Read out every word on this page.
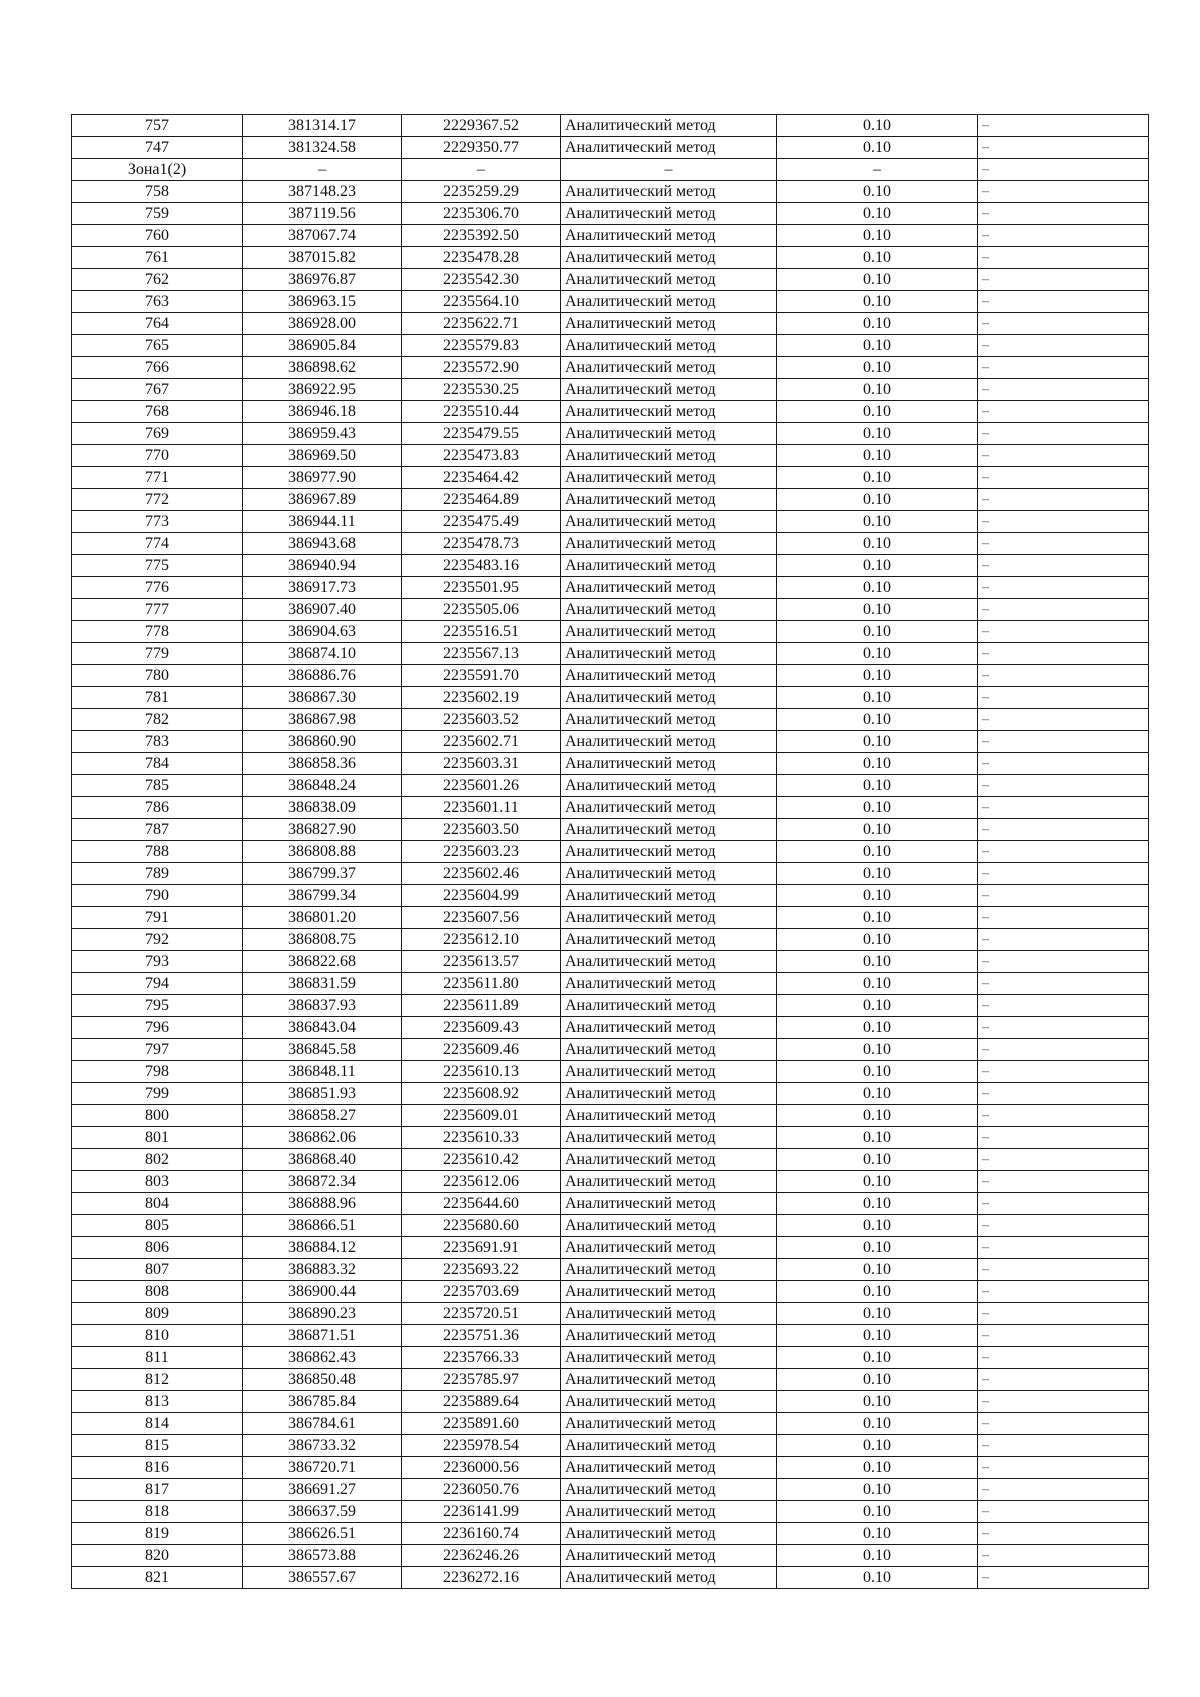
757	381314.17	2229367.52	Аналитический метод	0.10	–
747	381324.58	2229350.77	Аналитический метод	0.10	–
Зона1(2)	–	–	–	–	–
758	387148.23	2235259.29	Аналитический метод	0.10	–
759	387119.56	2235306.70	Аналитический метод	0.10	–
760	387067.74	2235392.50	Аналитический метод	0.10	–
761	387015.82	2235478.28	Аналитический метод	0.10	–
762	386976.87	2235542.30	Аналитический метод	0.10	–
763	386963.15	2235564.10	Аналитический метод	0.10	–
764	386928.00	2235622.71	Аналитический метод	0.10	–
765	386905.84	2235579.83	Аналитический метод	0.10	–
766	386898.62	2235572.90	Аналитический метод	0.10	–
767	386922.95	2235530.25	Аналитический метод	0.10	–
768	386946.18	2235510.44	Аналитический метод	0.10	–
769	386959.43	2235479.55	Аналитический метод	0.10	–
770	386969.50	2235473.83	Аналитический метод	0.10	–
771	386977.90	2235464.42	Аналитический метод	0.10	–
772	386967.89	2235464.89	Аналитический метод	0.10	–
773	386944.11	2235475.49	Аналитический метод	0.10	–
774	386943.68	2235478.73	Аналитический метод	0.10	–
775	386940.94	2235483.16	Аналитический метод	0.10	–
776	386917.73	2235501.95	Аналитический метод	0.10	–
777	386907.40	2235505.06	Аналитический метод	0.10	–
778	386904.63	2235516.51	Аналитический метод	0.10	–
779	386874.10	2235567.13	Аналитический метод	0.10	–
780	386886.76	2235591.70	Аналитический метод	0.10	–
781	386867.30	2235602.19	Аналитический метод	0.10	–
782	386867.98	2235603.52	Аналитический метод	0.10	–
783	386860.90	2235602.71	Аналитический метод	0.10	–
784	386858.36	2235603.31	Аналитический метод	0.10	–
785	386848.24	2235601.26	Аналитический метод	0.10	–
786	386838.09	2235601.11	Аналитический метод	0.10	–
787	386827.90	2235603.50	Аналитический метод	0.10	–
788	386808.88	2235603.23	Аналитический метод	0.10	–
789	386799.37	2235602.46	Аналитический метод	0.10	–
790	386799.34	2235604.99	Аналитический метод	0.10	–
791	386801.20	2235607.56	Аналитический метод	0.10	–
792	386808.75	2235612.10	Аналитический метод	0.10	–
793	386822.68	2235613.57	Аналитический метод	0.10	–
794	386831.59	2235611.80	Аналитический метод	0.10	–
795	386837.93	2235611.89	Аналитический метод	0.10	–
796	386843.04	2235609.43	Аналитический метод	0.10	–
797	386845.58	2235609.46	Аналитический метод	0.10	–
798	386848.11	2235610.13	Аналитический метод	0.10	–
799	386851.93	2235608.92	Аналитический метод	0.10	–
800	386858.27	2235609.01	Аналитический метод	0.10	–
801	386862.06	2235610.33	Аналитический метод	0.10	–
802	386868.40	2235610.42	Аналитический метод	0.10	–
803	386872.34	2235612.06	Аналитический метод	0.10	–
804	386888.96	2235644.60	Аналитический метод	0.10	–
805	386866.51	2235680.60	Аналитический метод	0.10	–
806	386884.12	2235691.91	Аналитический метод	0.10	–
807	386883.32	2235693.22	Аналитический метод	0.10	–
808	386900.44	2235703.69	Аналитический метод	0.10	–
809	386890.23	2235720.51	Аналитический метод	0.10	–
810	386871.51	2235751.36	Аналитический метод	0.10	–
811	386862.43	2235766.33	Аналитический метод	0.10	–
812	386850.48	2235785.97	Аналитический метод	0.10	–
813	386785.84	2235889.64	Аналитический метод	0.10	–
814	386784.61	2235891.60	Аналитический метод	0.10	–
815	386733.32	2235978.54	Аналитический метод	0.10	–
816	386720.71	2236000.56	Аналитический метод	0.10	–
817	386691.27	2236050.76	Аналитический метод	0.10	–
818	386637.59	2236141.99	Аналитический метод	0.10	–
819	386626.51	2236160.74	Аналитический метод	0.10	–
820	386573.88	2236246.26	Аналитический метод	0.10	–
821	386557.67	2236272.16	Аналитический метод	0.10	–
